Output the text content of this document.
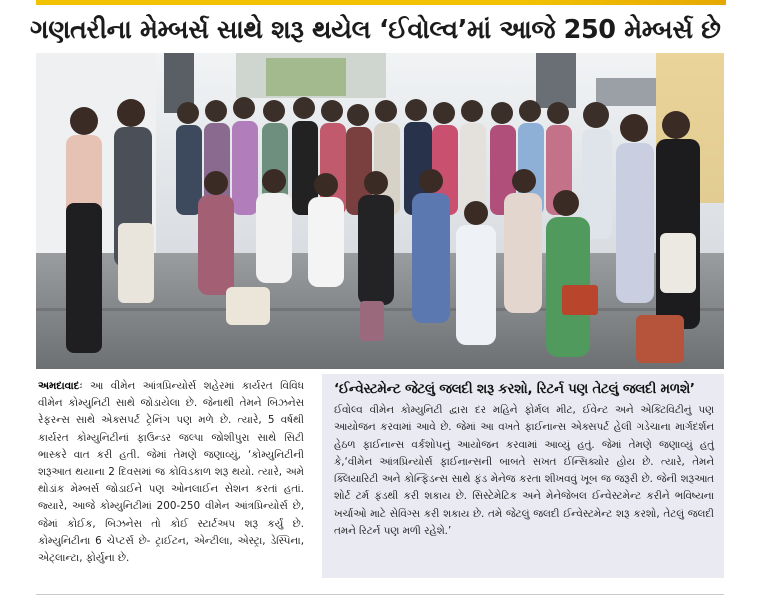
ગણતરીના મેમ્બર્સ સાથે શરૂ થયેલ ‘ઈવોલ્વ’માં આજે 250 મેમ્બર્સ છે
અમદાવાદઃ આ વીમેન આંત્રપ્રિન્યોર્સ શહેરમાં કાર્યરત વિવિધ વીમેન કોમ્યુનિટી સાથે જોડાયેલા છે. જેનાથી તેમને બિઝનેસ રેફરન્સ સાથે એક્સપર્ટ ટ્રેનિંગ પણ મળે છે. ત્યારે, 5 વર્ષથી કાર્યરત કોમ્યુનિટીનાં ફાઉન્ડર જલ્પા જોશીપુરા સાથે સિટી ભાસ્કરે વાત કરી હતી. જેમાં તેમણે જણાવ્યું, ‘કોમ્યુનિટીની શરૂઆત થયાના 2 દિવસમાં જ કોવિડકાળ શરૂ થયો. ત્યારે, અમે થોડાંક મેમ્બર્સ જોડાઈને પણ ઓનલાઈન સેશન કરતાં હતાં. જ્યારે, આજે કોમ્યુનિટીમાં 200-250 વીમેન આંત્રપ્રિન્યોર્સ છે, જેમાં કોઈક, બિઝનેસ તો કોઈ સ્ટાર્ટઅપ શરૂ કર્યું છે. કોમ્યુનિટીના 6 ચેપ્ટર્સ છે- ટ્રાઈટન, એન્ટીલા, એસ્ટ્રા, ડેસ્પિના, એટ્લાન્ટા, ફોર્યુના છે.
‘ઈન્વેસ્ટમેન્ટ જેટલું જલદી શરૂ કરશો, રિટર્ન પણ તેટલું જલદી મળશે’

ઈવોલ્વ વીમેન કોમ્યુનિટી દ્વારા દર મહિને ફોર્મલ મીટ, ઈવેન્ટ અને એક્ટિવિટીનું પણ આયોજન કરવામાં આવે છે. જેમાં આ વખતે ફાઈનાન્સ એક્સપર્ટ હેલી ગડેચાના માર્ગદર્શન હેઠળ ફાઈનાન્સ વર્કશોપનું આયોજન કરવામાં આવ્યું હતું. જેમાં તેમણે જણાવ્યું હતું કે,‘વીમેન આંત્રપ્રિન્યોર્સ ફાઈનાન્સની બાબતે સખત ઈન્સિક્યોર હોય છે. ત્યારે, તેમને ક્લિયારિટી અને કોન્ફિડન્સ સાથે ફંડ મેનેજ કરતા શીખવવું ખૂબ જ જરૂરી છે. જેની શરૂઆત શોર્ટ ટર્મ ફંડથી કરી શકાય છે. સિસ્ટેમેટિક અને મેનેજેબલ ઈન્વેસ્ટમેન્ટ કરીને ભવિષ્યના ખર્ચાઓ માટે સેવિંગ્સ કરી શકાય છે. તમે જેટલું જલદી ઈન્વેસ્ટમેન્ટ શરૂ કરશો, તેટલું જલદી તમને રિટર્ન પણ મળી રહેશે.’
